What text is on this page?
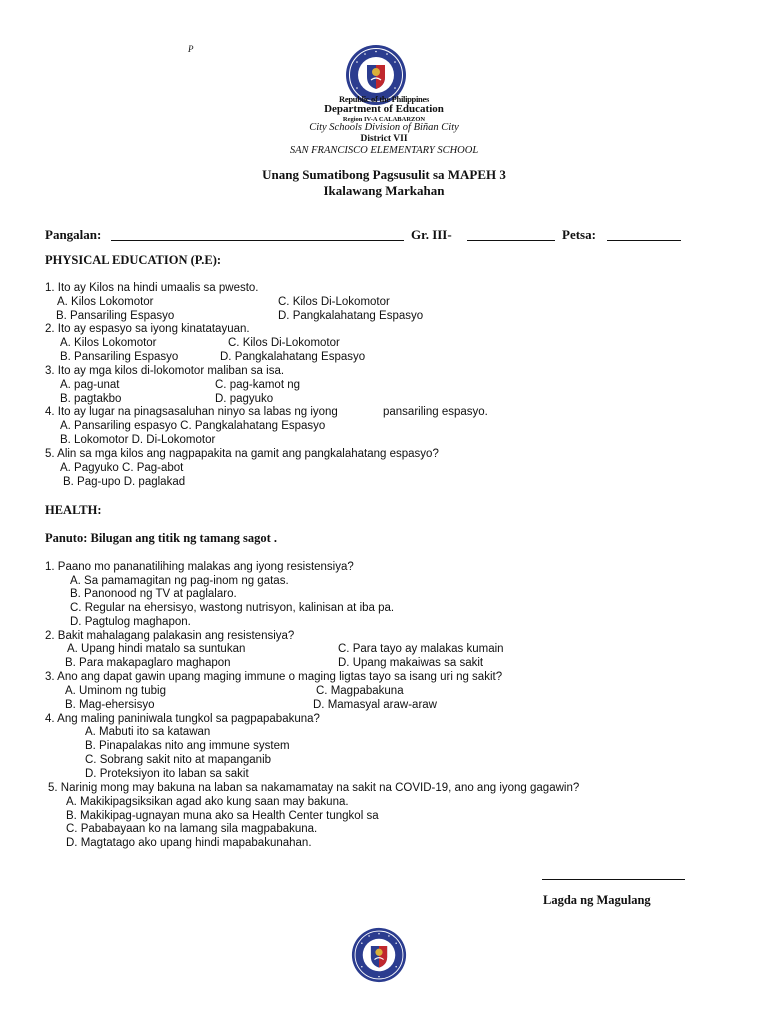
P
Republic of the Philippines
Department of Education
Region IV-A CALABARZON
City Schools Division of Biñan City
District VII
SAN FRANCISCO ELEMENTARY SCHOOL
Unang Sumatibong Pagsusulit sa MAPEH 3
Ikalawang Markahan
Pangalan:	Gr. III-	Petsa:
PHYSICAL EDUCATION (P.E):
1. Ito ay Kilos na hindi umaalis sa pwesto.
A. Kilos Lokomotor	C. Kilos Di-Lokomotor
B. Pansariling Espasyo	D. Pangkalahatang Espasyo
2. Ito ay espasyo sa iyong kinatatayuan.
A. Kilos Lokomotor	C. Kilos Di-Lokomotor
B. Pansariling Espasyo	D. Pangkalahatang Espasyo
3. Ito ay mga kilos di-lokomotor maliban sa isa.
A. pag-unat	C. pag-kamot ng
B. pagtakbo	D. pagyuko
4. Ito ay lugar na pinagsasaluhan ninyo sa labas ng iyong	pansariling espasyo.
A. Pansariling espasyo C. Pangkalahatang Espasyo
B. Lokomotor D. Di-Lokomotor
5. Alin sa mga kilos ang nagpapakita na gamit ang pangkalahatang espasyo?
A. Pagyuko C. Pag-abot
B. Pag-upo D. paglakad
HEALTH:
Panuto: Bilugan ang titik ng tamang sagot .
1. Paano mo pananatilihing malakas ang iyong resistensiya?
A. Sa pamamagitan ng pag-inom ng gatas.
B. Panonood ng TV at paglalaro.
C. Regular na ehersisyo, wastong nutrisyon, kalinisan at iba pa.
D. Pagtulog maghapon.
2. Bakit mahalagang palakasin ang resistensiya?
A. Upang hindi matalo sa suntukan	C. Para tayo ay malakas kumain
B. Para makapaglaro maghapon	D. Upang makaiwas sa sakit
3. Ano ang dapat gawin upang maging immune o maging ligtas tayo sa isang uri ng sakit?
A. Uminom ng tubig	C. Magpabakuna
B. Mag-ehersisyo	D. Mamasyal araw-araw
4. Ang maling paniniwala tungkol sa pagpapabakuna?
A. Mabuti ito sa katawan
B. Pinapalakas nito ang immune system
C. Sobrang sakit nito at mapanganib
D. Proteksiyon ito laban sa sakit
5. Narinig mong may bakuna na laban sa nakamamatay na sakit na COVID-19, ano ang iyong gagawin?
A. Makikipagsiksikan agad ako kung saan may bakuna.
B. Makikipag-ugnayan muna ako sa Health Center tungkol sa
C. Pababayaan ko na lamang sila magpabakuna.
D. Magtatago ako upang hindi mapabakunahan.
Lagda ng Magulang
